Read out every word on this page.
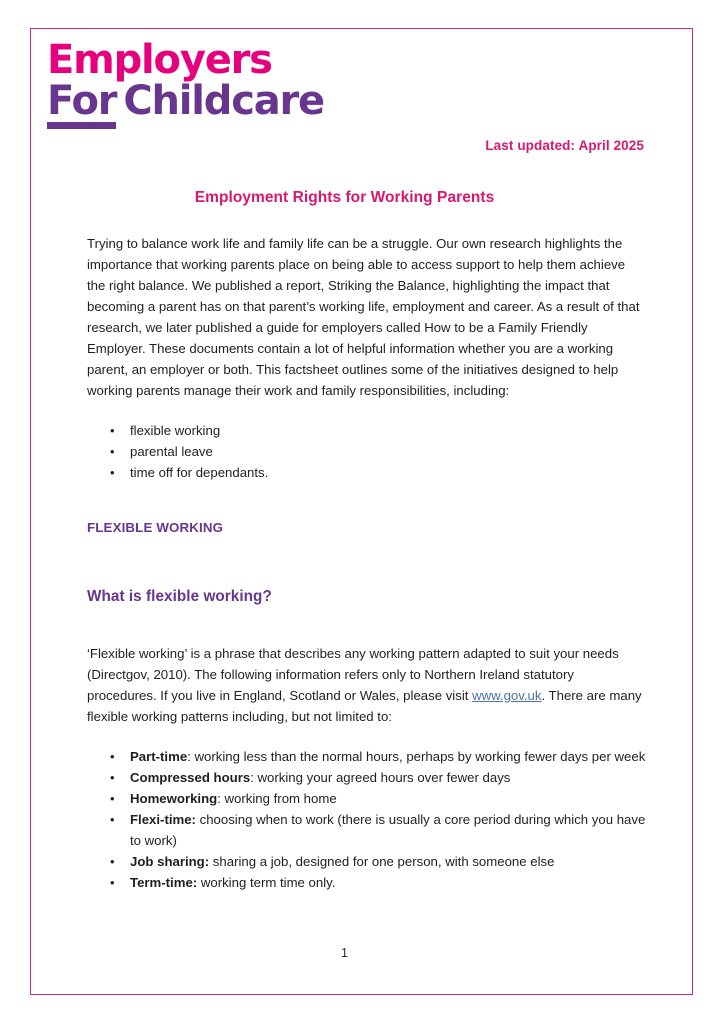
Employers
For Childcare
Last updated: April 2025
Employment Rights for Working Parents

Trying to balance work life and family life can be a struggle. Our own research highlights the importance that working parents place on being able to access support to help them achieve the right balance. We published a report, Striking the Balance, highlighting the impact that becoming a parent has on that parent’s working life, employment and career. As a result of that research, we later published a guide for employers called How to be a Family Friendly Employer. These documents contain a lot of helpful information whether you are a working parent, an employer or both. This factsheet outlines some of the initiatives designed to help working parents manage their work and family responsibilities, including:

• flexible working
• parental leave
• time off for dependants.

FLEXIBLE WORKING

What is flexible working?

‘Flexible working’ is a phrase that describes any working pattern adapted to suit your needs (Directgov, 2010). The following information refers only to Northern Ireland statutory procedures. If you live in England, Scotland or Wales, please visit www.gov.uk. There are many flexible working patterns including, but not limited to:

• Part-time: working less than the normal hours, perhaps by working fewer days per week
• Compressed hours: working your agreed hours over fewer days
• Homeworking: working from home
• Flexi-time: choosing when to work (there is usually a core period during which you have to work)
• Job sharing: sharing a job, designed for one person, with someone else
• Term-time: working term time only.
1
